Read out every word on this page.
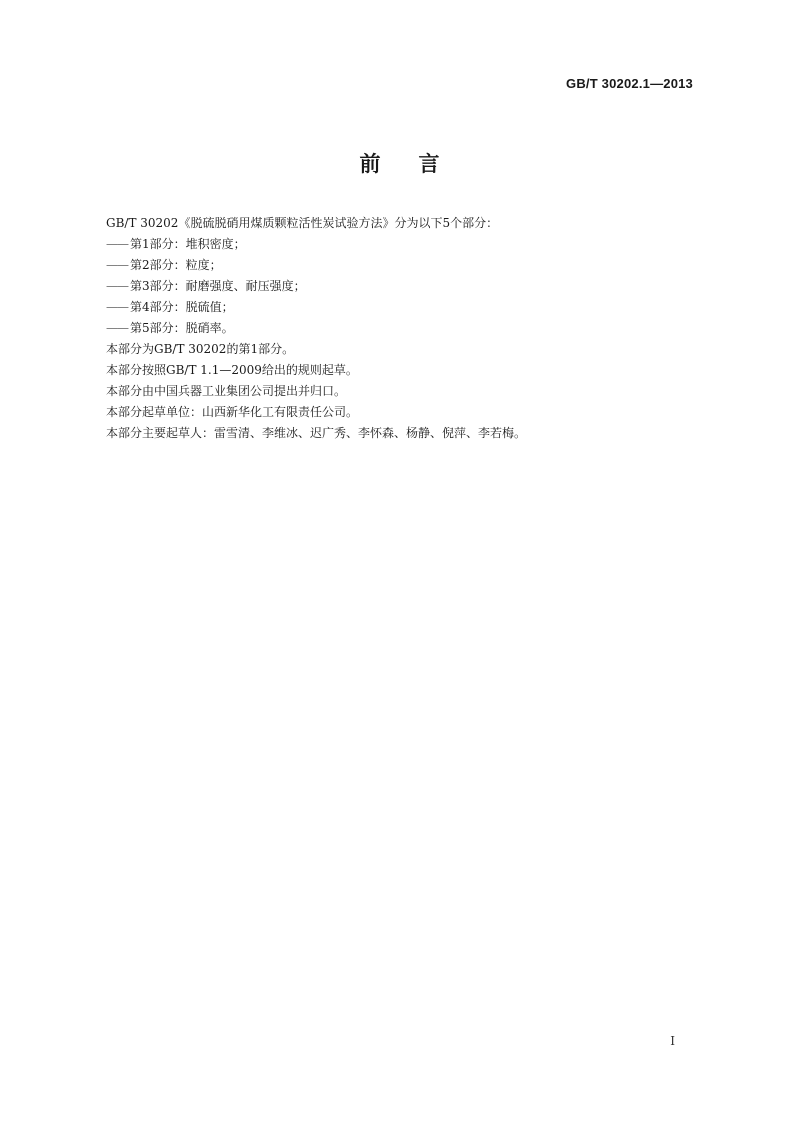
GB/T 30202.1—2013
前言
GB/T 30202《脱硫脱硝用煤质颗粒活性炭试验方法》分为以下5个部分：
—— 第1部分：堆积密度；
—— 第2部分：粒度；
—— 第3部分：耐磨强度、耐压强度；
—— 第4部分：脱硫值；
—— 第5部分：脱硝率。
本部分为GB/T 30202的第1部分。
本部分按照GB/T 1.1—2009给出的规则起草。
本部分由中国兵器工业集团公司提出并归口。
本部分起草单位：山西新华化工有限责任公司。
本部分主要起草人：雷雪清、李维冰、迟广秀、李怀森、杨静、倪萍、李若梅。
I
